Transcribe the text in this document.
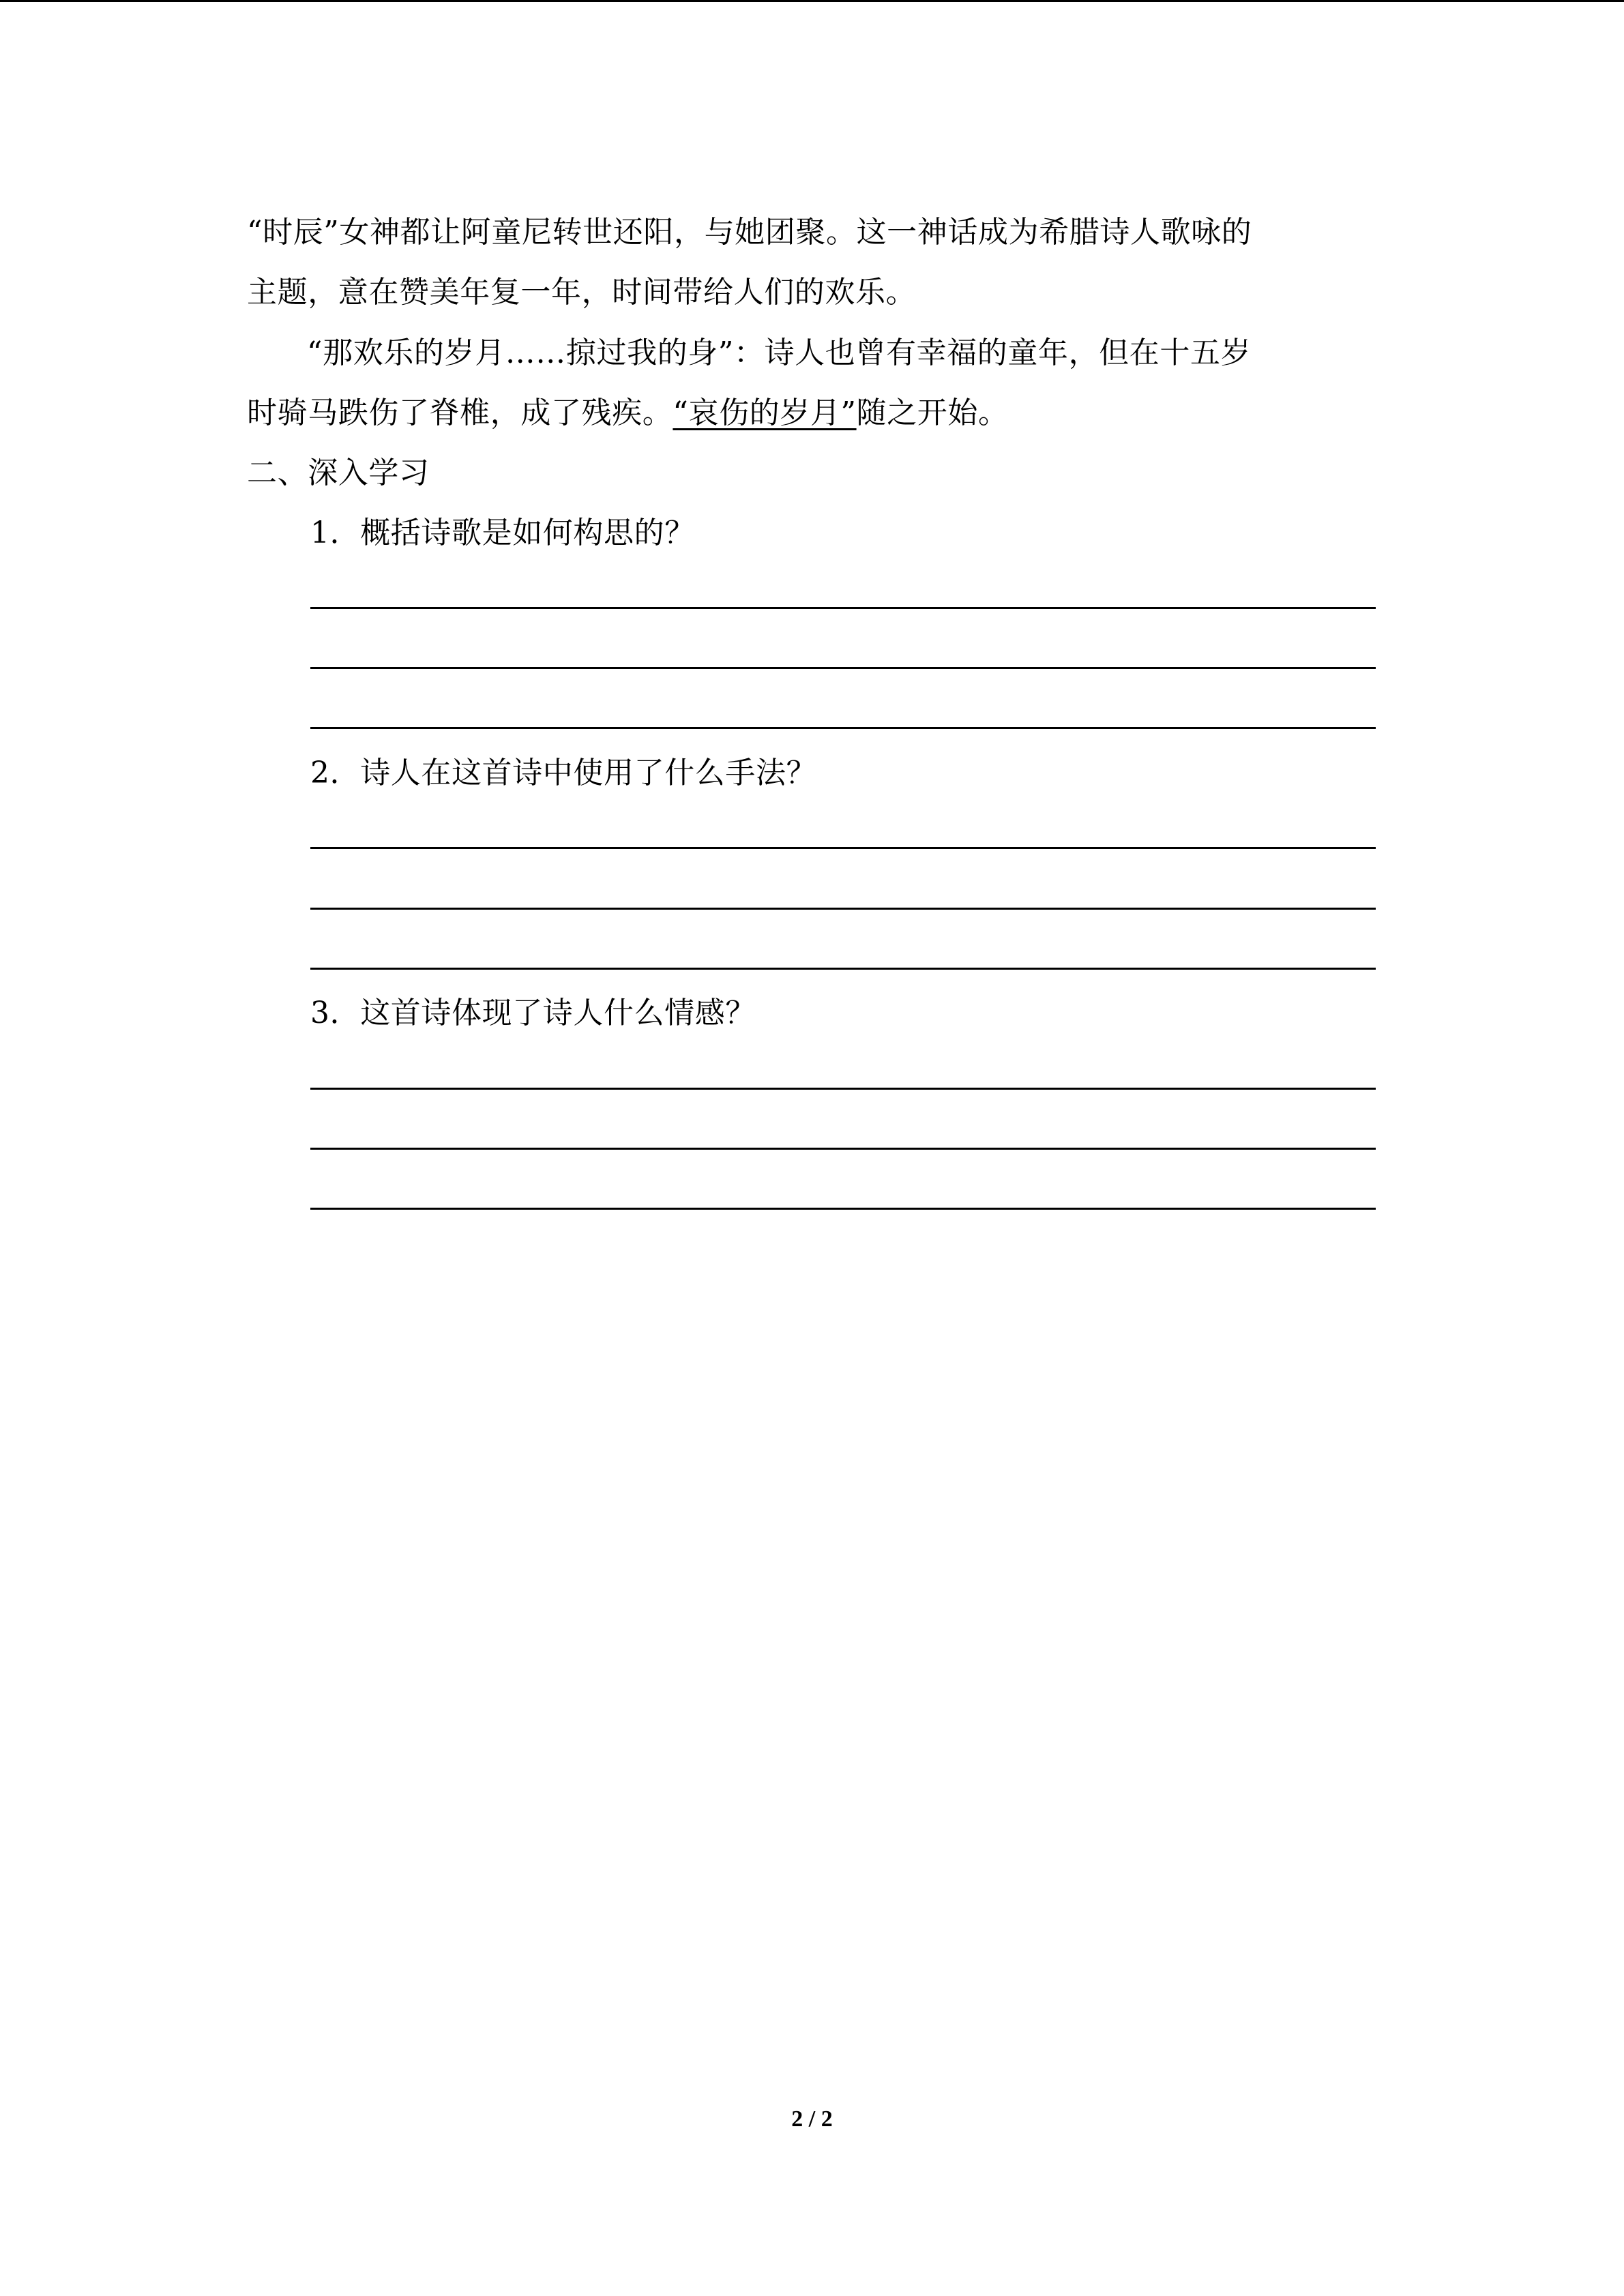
“时辰”女神都让阿童尼转世还阳，与她团聚。这一神话成为希腊诗人歌咏的
主题，意在赞美年复一年，时间带给人们的欢乐。
“那欢乐的岁月……掠过我的身”：诗人也曾有幸福的童年，但在十五岁
时骑马跌伤了脊椎，成了残疾。“哀伤的岁月”随之开始。
二、深入学习
1．概括诗歌是如何构思的？
2．诗人在这首诗中使用了什么手法？
3．这首诗体现了诗人什么情感？
2 / 2
